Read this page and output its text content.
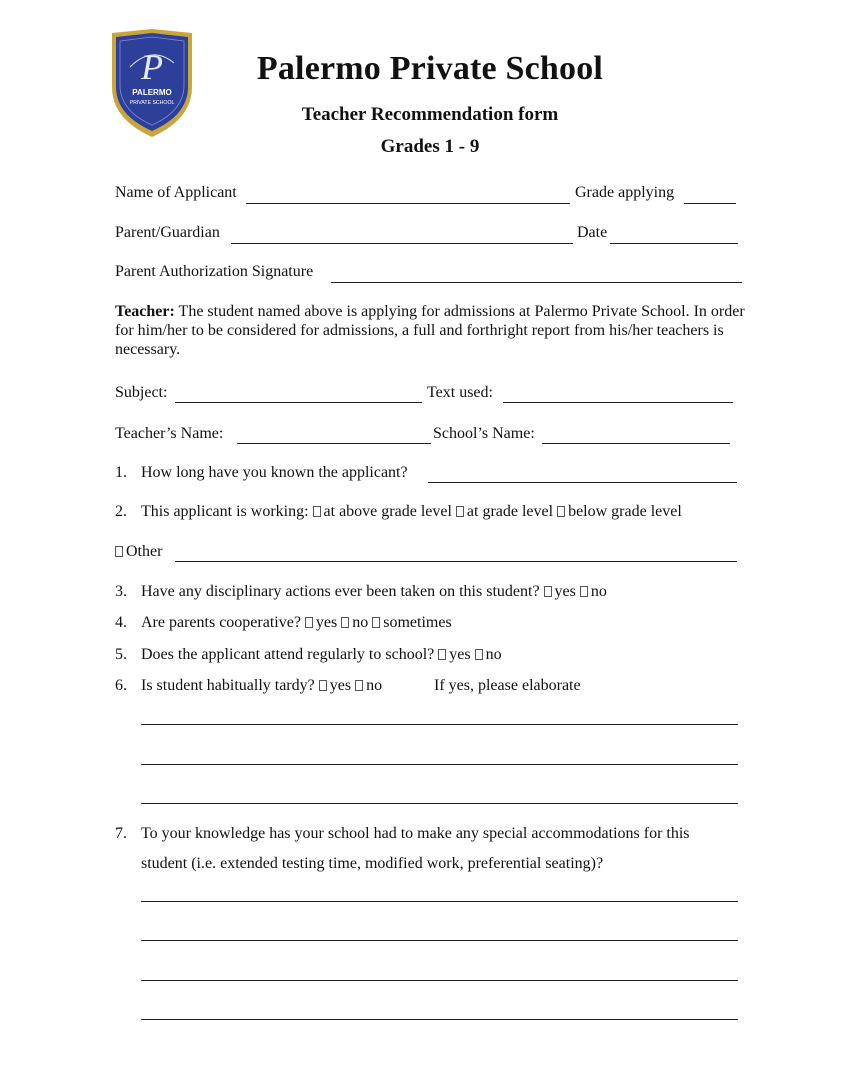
P
PALERMO
PRIVATE SCHOOL
Palermo Private School
Teacher Recommendation form
Grades 1 - 9
Name of Applicant	Grade applying
Parent/Guardian	Date
Parent Authorization Signature
Teacher: The student named above is applying for admissions at Palermo Private School. In order for him/her to be considered for admissions, a full and forthright report from his/her teachers is necessary.
Subject:	Text used:
Teacher’s Name:	School’s Name:
1. How long have you known the applicant?
2. This applicant is working: at above grade level at grade level below grade level
Other
3. Have any disciplinary actions ever been taken on this student? yes no
4. Are parents cooperative? yes no sometimes
5. Does the applicant attend regularly to school? yes no
6. Is student habitually tardy? yes no	If yes, please elaborate
7. To your knowledge has your school had to make any special accommodations for this
student (i.e. extended testing time, modified work, preferential seating)?
